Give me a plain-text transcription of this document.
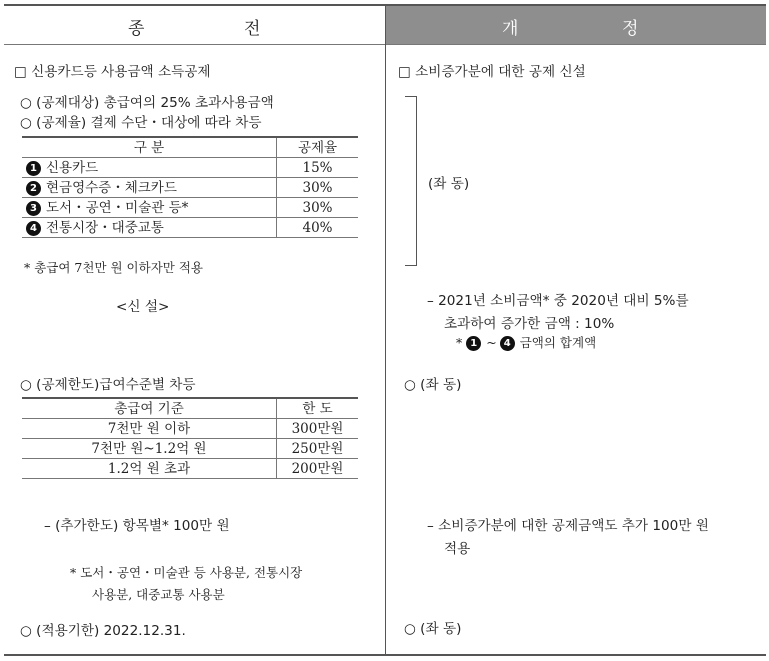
종	전	개	정
□ 신용카드등 사용금액 소득공제
○ (공제대상) 총급여의 25% 초과사용금액
○ (공제율) 결제 수단・대상에 따라 차등
구 분	공제율
1 신용카드	15%
2 현금영수증・체크카드	30%
3 도서・공연・미술관 등*	30%
4 전통시장・대중교통	40%
* 총급여 7천만 원 이하자만 적용
<신 설>
○ (공제한도)급여수준별 차등
총급여 기준	한 도
7천만 원 이하	300만원
7천만 원~1.2억 원	250만원
1.2억 원 초과	200만원
– (추가한도) 항목별* 100만 원
* 도서・공연・미술관 등 사용분, 전통시장
사용분, 대중교통 사용분
○ (적용기한) 2022.12.31.
□ 소비증가분에 대한 공제 신설
(좌 동)
– 2021년 소비금액* 중 2020년 대비 5%를
초과하여 증가한 금액 : 10%
* 1 ~ 4 금액의 합계액
○ (좌 동)
– 소비증가분에 대한 공제금액도 추가 100만 원
적용
○ (좌 동)
